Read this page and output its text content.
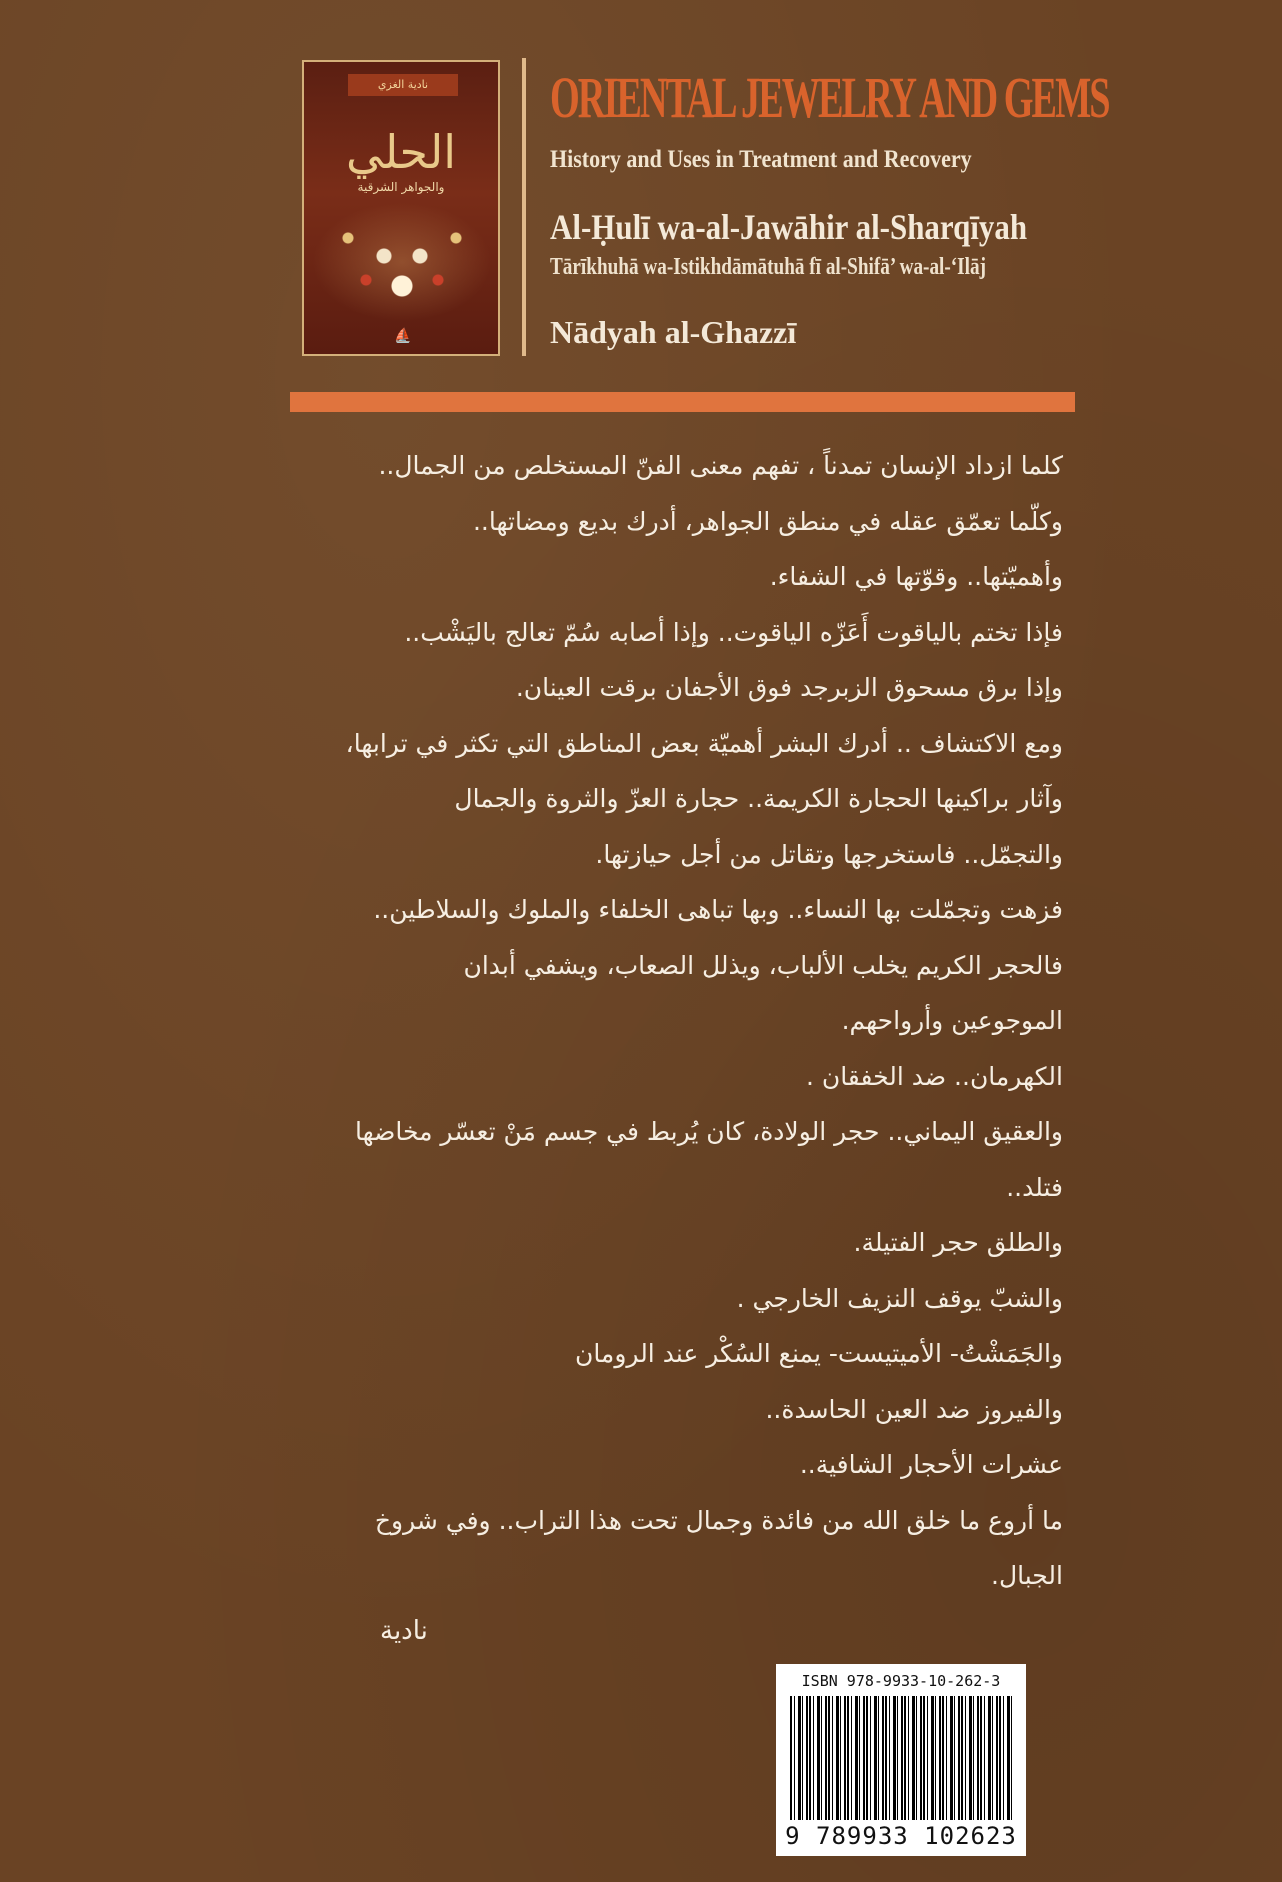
نادية الغزي
الحلي
والجواهر الشرقية
⛵
ORIENTAL JEWELRY AND GEMS
History and Uses in Treatment and Recovery
Al-Ḥulī wa-al-Jawāhir al-Sharqīyah
Tārīkhuhā wa-Istikhdāmātuhā fī al-Shifā’ wa-al-‘Ilāj
Nādyah al-Ghazzī
كلما ازداد الإنسان تمدناً ، تفهم معنى الفنّ المستخلص من الجمال..
وكلّما تعمّق عقله في منطق الجواهر، أدرك بديع ومضاتها..
وأهميّتها.. وقوّتها في الشفاء.
فإذا تختم بالياقوت أَعَزّه الياقوت.. وإذا أصابه سُمّ تعالج باليَشْب..
وإذا برق مسحوق الزبرجد فوق الأجفان برقت العينان.
ومع الاكتشاف .. أدرك البشر أهميّة بعض المناطق التي تكثر في ترابها،
وآثار براكينها الحجارة الكريمة.. حجارة العزّ والثروة والجمال
والتجمّل.. فاستخرجها وتقاتل من أجل حيازتها.
فزهت وتجمّلت بها النساء.. وبها تباهى الخلفاء والملوك والسلاطين..
فالحجر الكريم يخلب الألباب، ويذلل الصعاب، ويشفي أبدان
الموجوعين وأرواحهم.
الكهرمان.. ضد الخفقان .
والعقيق اليماني.. حجر الولادة، كان يُربط في جسم مَنْ تعسّر مخاضها
فتلد..
والطلق حجر الفتيلة.
والشبّ يوقف النزيف الخارجي .
والجَمَشْتُ- الأميتيست- يمنع السُكْر عند الرومان
والفيروز ضد العين الحاسدة..
عشرات الأحجار الشافية..
ما أروع ما خلق الله من فائدة وجمال تحت هذا التراب.. وفي شروخ
الجبال.
نادية
ISBN 978-9933-10-262-3
9 789933 102623
